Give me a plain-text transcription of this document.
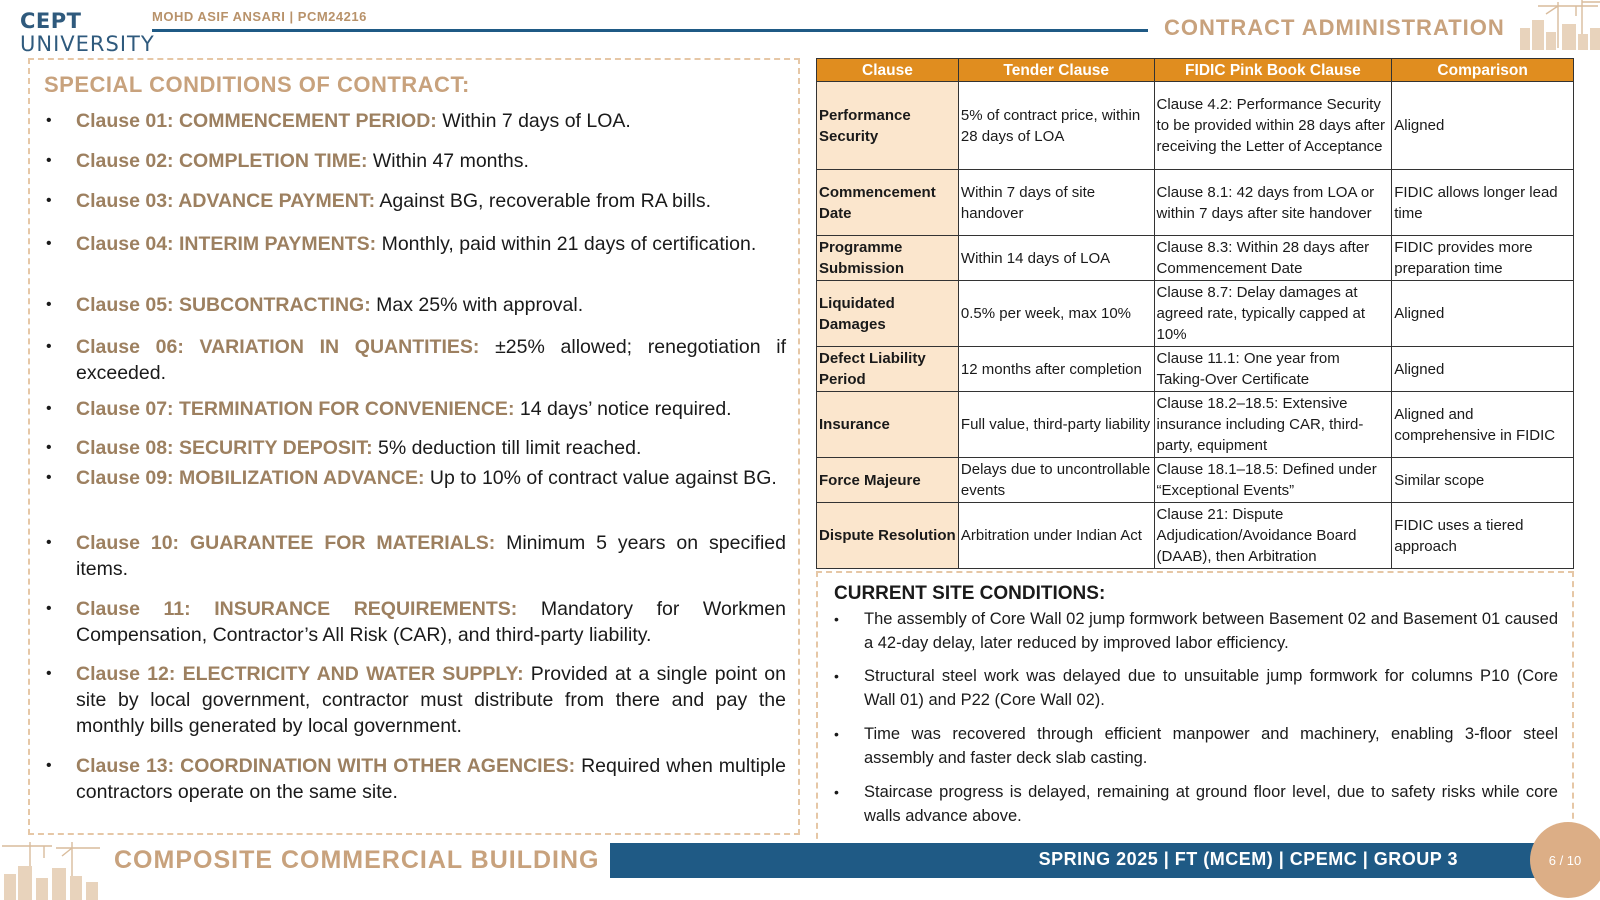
CEPT
UNIVERSITY
MOHD ASIF ANSARI | PCM24216	CONTRACT ADMINISTRATION
SPECIAL CONDITIONS OF CONTRACT:
• Clause 01: COMMENCEMENT PERIOD: Within 7 days of LOA.
• Clause 02: COMPLETION TIME: Within 47 months.
• Clause 03: ADVANCE PAYMENT: Against BG, recoverable from RA bills.
• Clause 04: INTERIM PAYMENTS: Monthly, paid within 21 days of certification.
• Clause 05: SUBCONTRACTING: Max 25% with approval.
• Clause 06: VARIATION IN QUANTITIES: ±25% allowed; renegotiation if exceeded.
• Clause 07: TERMINATION FOR CONVENIENCE: 14 days’ notice required.
• Clause 08: SECURITY DEPOSIT: 5% deduction till limit reached.
• Clause 09: MOBILIZATION ADVANCE: Up to 10% of contract value against BG.
• Clause 10: GUARANTEE FOR MATERIALS: Minimum 5 years on specified items.
• Clause 11: INSURANCE REQUIREMENTS: Mandatory for Workmen Compensation, Contractor’s All Risk (CAR), and third-party liability.
• Clause 12: ELECTRICITY AND WATER SUPPLY: Provided at a single point on site by local government, contractor must distribute from there and pay the monthly bills generated by local government.
• Clause 13: COORDINATION WITH OTHER AGENCIES: Required when multiple contractors operate on the same site.
Clause	Tender Clause	FIDIC Pink Book Clause	Comparison
Performance Security	5% of contract price, within 28 days of LOA	Clause 4.2: Performance Security to be provided within 28 days after receiving the Letter of Acceptance	Aligned
Commencement Date	Within 7 days of site handover	Clause 8.1: 42 days from LOA or within 7 days after site handover	FIDIC allows longer lead time
Programme Submission	Within 14 days of LOA	Clause 8.3: Within 28 days after Commencement Date	FIDIC provides more preparation time
Liquidated Damages	0.5% per week, max 10%	Clause 8.7: Delay damages at agreed rate, typically capped at 10%	Aligned
Defect Liability Period	12 months after completion	Clause 11.1: One year from Taking-Over Certificate	Aligned
Insurance	Full value, third-party liability	Clause 18.2–18.5: Extensive insurance including CAR, third-party, equipment	Aligned and comprehensive in FIDIC
Force Majeure	Delays due to uncontrollable events	Clause 18.1–18.5: Defined under “Exceptional Events”	Similar scope
Dispute Resolution	Arbitration under Indian Act	Clause 21: Dispute Adjudication/Avoidance Board (DAAB), then Arbitration	FIDIC uses a tiered approach
CURRENT SITE CONDITIONS:
• The assembly of Core Wall 02 jump formwork between Basement 02 and Basement 01 caused a 42-day delay, later reduced by improved labor efficiency.
• Structural steel work was delayed due to unsuitable jump formwork for columns P10 (Core Wall 01) and P22 (Core Wall 02).
• Time was recovered through efficient manpower and machinery, enabling 3-floor steel assembly and faster deck slab casting.
• Staircase progress is delayed, remaining at ground floor level, due to safety risks while core walls advance above.
COMPOSITE COMMERCIAL BUILDING	SPRING 2025 | FT (MCEM) | CPEMC | GROUP 3	6 / 10
